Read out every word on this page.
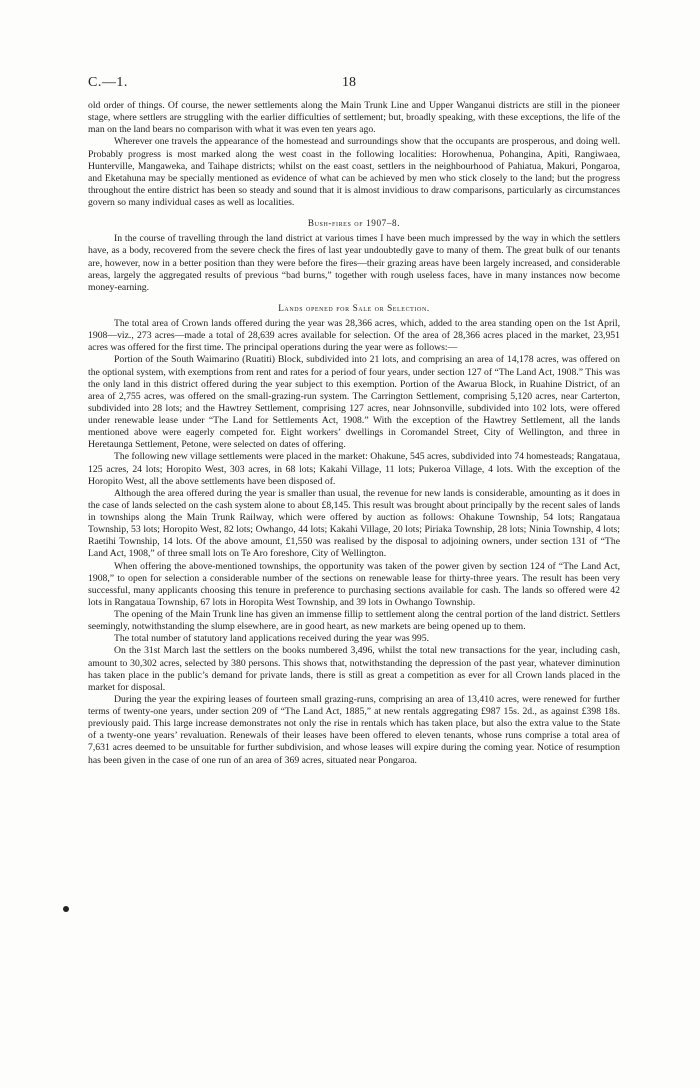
C.—1.	18

old order of things. Of course, the newer settlements along the Main Trunk Line and Upper Wanganui districts are still in the pioneer stage, where settlers are struggling with the earlier difficulties of settlement; but, broadly speaking, with these exceptions, the life of the man on the land bears no comparison with what it was even ten years ago.

Wherever one travels the appearance of the homestead and surroundings show that the occupants are prosperous, and doing well. Probably progress is most marked along the west coast in the following localities: Horowhenua, Pohangina, Apiti, Rangiwaea, Hunterville, Mangaweka, and Taihape districts; whilst on the east coast, settlers in the neighbourhood of Pahiatua, Makuri, Pongaroa, and Eketahuna may be specially mentioned as evidence of what can be achieved by men who stick closely to the land; but the progress throughout the entire district has been so steady and sound that it is almost invidious to draw comparisons, particularly as circumstances govern so many individual cases as well as localities.

Bush-fires of 1907–8.

In the course of travelling through the land district at various times I have been much impressed by the way in which the settlers have, as a body, recovered from the severe check the fires of last year undoubtedly gave to many of them. The great bulk of our tenants are, however, now in a better position than they were before the fires—their grazing areas have been largely increased, and considerable areas, largely the aggregated results of previous “bad burns,” together with rough useless faces, have in many instances now become money-earning.

Lands opened for Sale or Selection.

The total area of Crown lands offered during the year was 28,366 acres, which, added to the area standing open on the 1st April, 1908—viz., 273 acres—made a total of 28,639 acres available for selection. Of the area of 28,366 acres placed in the market, 23,951 acres was offered for the first time. The principal operations during the year were as follows:—

Portion of the South Waimarino (Ruatiti) Block, subdivided into 21 lots, and comprising an area of 14,178 acres, was offered on the optional system, with exemptions from rent and rates for a period of four years, under section 127 of “The Land Act, 1908.” This was the only land in this district offered during the year subject to this exemption. Portion of the Awarua Block, in Ruahine District, of an area of 2,755 acres, was offered on the small-grazing-run system. The Carrington Settlement, comprising 5,120 acres, near Carterton, subdivided into 28 lots; and the Hawtrey Settlement, comprising 127 acres, near Johnsonville, subdivided into 102 lots, were offered under renewable lease under “The Land for Settlements Act, 1908.” With the exception of the Hawtrey Settlement, all the lands mentioned above were eagerly competed for. Eight workers’ dwellings in Coromandel Street, City of Wellington, and three in Heretaunga Settlement, Petone, were selected on dates of offering.

The following new village settlements were placed in the market: Ohakune, 545 acres, subdivided into 74 homesteads; Rangataua, 125 acres, 24 lots; Horopito West, 303 acres, in 68 lots; Kakahi Village, 11 lots; Pukeroa Village, 4 lots. With the exception of the Horopito West, all the above settlements have been disposed of.

Although the area offered during the year is smaller than usual, the revenue for new lands is considerable, amounting as it does in the case of lands selected on the cash system alone to about £8,145. This result was brought about principally by the recent sales of lands in townships along the Main Trunk Railway, which were offered by auction as follows: Ohakune Township, 54 lots; Rangataua Township, 53 lots; Horopito West, 82 lots; Owhango, 44 lots; Kakahi Village, 20 lots; Piriaka Township, 28 lots; Ninia Township, 4 lots; Raetihi Township, 14 lots. Of the above amount, £1,550 was realised by the disposal to adjoining owners, under section 131 of “The Land Act, 1908,” of three small lots on Te Aro foreshore, City of Wellington.

When offering the above-mentioned townships, the opportunity was taken of the power given by section 124 of “The Land Act, 1908,” to open for selection a considerable number of the sections on renewable lease for thirty-three years. The result has been very successful, many applicants choosing this tenure in preference to purchasing sections available for cash. The lands so offered were 42 lots in Rangataua Township, 67 lots in Horopita West Township, and 39 lots in Owhango Township.

The opening of the Main Trunk line has given an immense fillip to settlement along the central portion of the land district. Settlers seemingly, notwithstanding the slump elsewhere, are in good heart, as new markets are being opened up to them.

The total number of statutory land applications received during the year was 995.

On the 31st March last the settlers on the books numbered 3,496, whilst the total new transactions for the year, including cash, amount to 30,302 acres, selected by 380 persons. This shows that, notwithstanding the depression of the past year, whatever diminution has taken place in the public’s demand for private lands, there is still as great a competition as ever for all Crown lands placed in the market for disposal.

During the year the expiring leases of fourteen small grazing-runs, comprising an area of 13,410 acres, were renewed for further terms of twenty-one years, under section 209 of “The Land Act, 1885,” at new rentals aggregating £987 15s. 2d., as against £398 18s. previously paid. This large increase demonstrates not only the rise in rentals which has taken place, but also the extra value to the State of a twenty-one years’ revaluation. Renewals of their leases have been offered to eleven tenants, whose runs comprise a total area of 7,631 acres deemed to be unsuitable for further subdivision, and whose leases will expire during the coming year. Notice of resumption has been given in the case of one run of an area of 369 acres, situated near Pongaroa.
